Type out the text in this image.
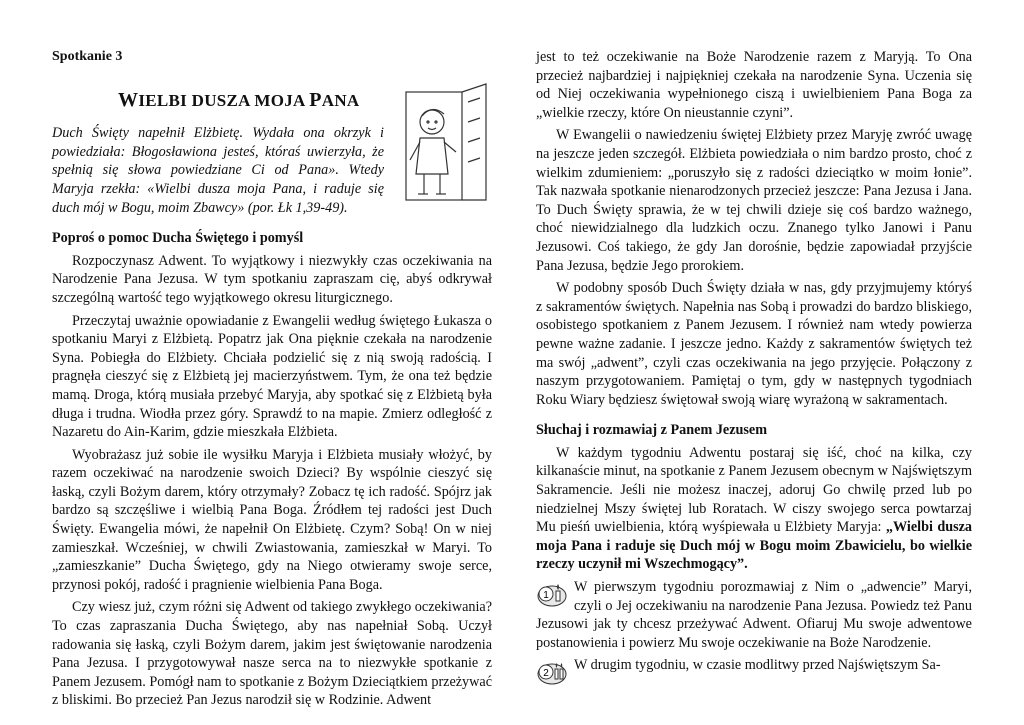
Spotkanie 3

WIELBI DUSZA MOJA PANA

Duch Święty napełnił Elżbietę. Wydała ona okrzyk i powiedziała: Błogosławiona jesteś, któraś uwierzyła, że spełnią się słowa powiedziane Ci od Pana». Wtedy Maryja rzekła: «Wielbi dusza moja Pana, i raduje się duch mój w Bogu, moim Zbawcy» (por. Łk 1,39-49).

Poproś o pomoc Ducha Świętego i pomyśl

Rozpoczynasz Adwent. To wyjątkowy i niezwykły czas oczekiwania na Narodzenie Pana Jezusa. W tym spotkaniu zapraszam cię, abyś odkrywał szczególną wartość tego wyjątkowego okresu liturgicznego.

Przeczytaj uważnie opowiadanie z Ewangelii według świętego Łukasza o spotkaniu Maryi z Elżbietą. Popatrz jak Ona pięknie czekała na narodzenie Syna. Pobiegła do Elżbiety. Chciała podzielić się z nią swoją radością. I pragnęła cieszyć się z Elżbietą jej macierzyństwem. Tym, że ona też będzie mamą. Droga, którą musiała przebyć Maryja, aby spotkać się z Elżbietą była długa i trudna. Wiodła przez góry. Sprawdź to na mapie. Zmierz odległość z Nazaretu do Ain-Karim, gdzie mieszkała Elżbieta.

Wyobrażasz już sobie ile wysiłku Maryja i Elżbieta musiały włożyć, by razem oczekiwać na narodzenie swoich Dzieci? By wspólnie cieszyć się łaską, czyli Bożym darem, który otrzymały? Zobacz tę ich radość. Spójrz jak bardzo są szczęśliwe i wielbią Pana Boga. Źródłem tej radości jest Duch Święty. Ewangelia mówi, że napełnił On Elżbietę. Czym? Sobą! On w niej zamieszkał. Wcześniej, w chwili Zwiastowania, zamieszkał w Maryi. To „zamieszkanie” Ducha Świętego, gdy na Niego otwieramy swoje serce, przynosi pokój, radość i pragnienie wielbienia Pana Boga.

Czy wiesz już, czym różni się Adwent od takiego zwykłego oczekiwania? To czas zapraszania Ducha Świętego, aby nas napełniał Sobą. Uczył radowania się łaską, czyli Bożym darem, jakim jest świętowanie narodzenia Pana Jezusa. I przygotowywał nasze serca na to niezwykłe spotkanie z Panem Jezusem. Pomógł nam to spotkanie z Bożym Dzieciątkiem przeżywać z bliskimi. Bo przecież Pan Jezus narodził się w Rodzinie. Adwent

jest to też oczekiwanie na Boże Narodzenie razem z Maryją. To Ona przecież najbardziej i najpiękniej czekała na narodzenie Syna. Uczenia się od Niej oczekiwania wypełnionego ciszą i uwielbieniem Pana Boga za „wielkie rzeczy, które On nieustannie czyni”.

W Ewangelii o nawiedzeniu świętej Elżbiety przez Maryję zwróć uwagę na jeszcze jeden szczegół. Elżbieta powiedziała o nim bardzo prosto, choć z wielkim zdumieniem: „poruszyło się z radości dzieciątko w moim łonie”. Tak nazwała spotkanie nienarodzonych przecież jeszcze: Pana Jezusa i Jana. To Duch Święty sprawia, że w tej chwili dzieje się coś bardzo ważnego, choć niewidzialnego dla ludzkich oczu. Znanego tylko Janowi i Panu Jezusowi. Coś takiego, że gdy Jan dorośnie, będzie zapowiadał przyjście Pana Jezusa, będzie Jego prorokiem.

W podobny sposób Duch Święty działa w nas, gdy przyjmujemy któryś z sakramentów świętych. Napełnia nas Sobą i prowadzi do bardzo bliskiego, osobistego spotkaniem z Panem Jezusem. I również nam wtedy powierza pewne ważne zadanie. I jeszcze jedno. Każdy z sakramentów świętych też ma swój „adwent”, czyli czas oczekiwania na jego przyjęcie. Połączony z naszym przygotowaniem. Pamiętaj o tym, gdy w następnych tygodniach Roku Wiary będziesz świętował swoją wiarę wyrażoną w sakramentach.

Słuchaj i rozmawiaj z Panem Jezusem

W każdym tygodniu Adwentu postaraj się iść, choć na kilka, czy kilkanaście minut, na spotkanie z Panem Jezusem obecnym w Najświętszym Sakramencie. Jeśli nie możesz inaczej, adoruj Go chwilę przed lub po niedzielnej Mszy świętej lub Roratach. W ciszy swojego serca powtarzaj Mu pieśń uwielbienia, którą wyśpiewała u Elżbiety Maryja: „Wielbi dusza moja Pana i raduje się Duch mój w Bogu moim Zbawicielu, bo wielkie rzeczy uczynił mi Wszechmogący”.

1
W pierwszym tygodniu porozmawiaj z Nim o „adwencie” Maryi, czyli o Jej oczekiwaniu na narodzenie Pana Jezusa. Powiedz też Panu Jezusowi jak ty chcesz przeżywać Adwent. Ofiaruj Mu swoje adwentowe postanowienia i powierz Mu swoje oczekiwanie na Boże Narodzenie.

2
W drugim tygodniu, w czasie modlitwy przed Najświętszym Sa-
